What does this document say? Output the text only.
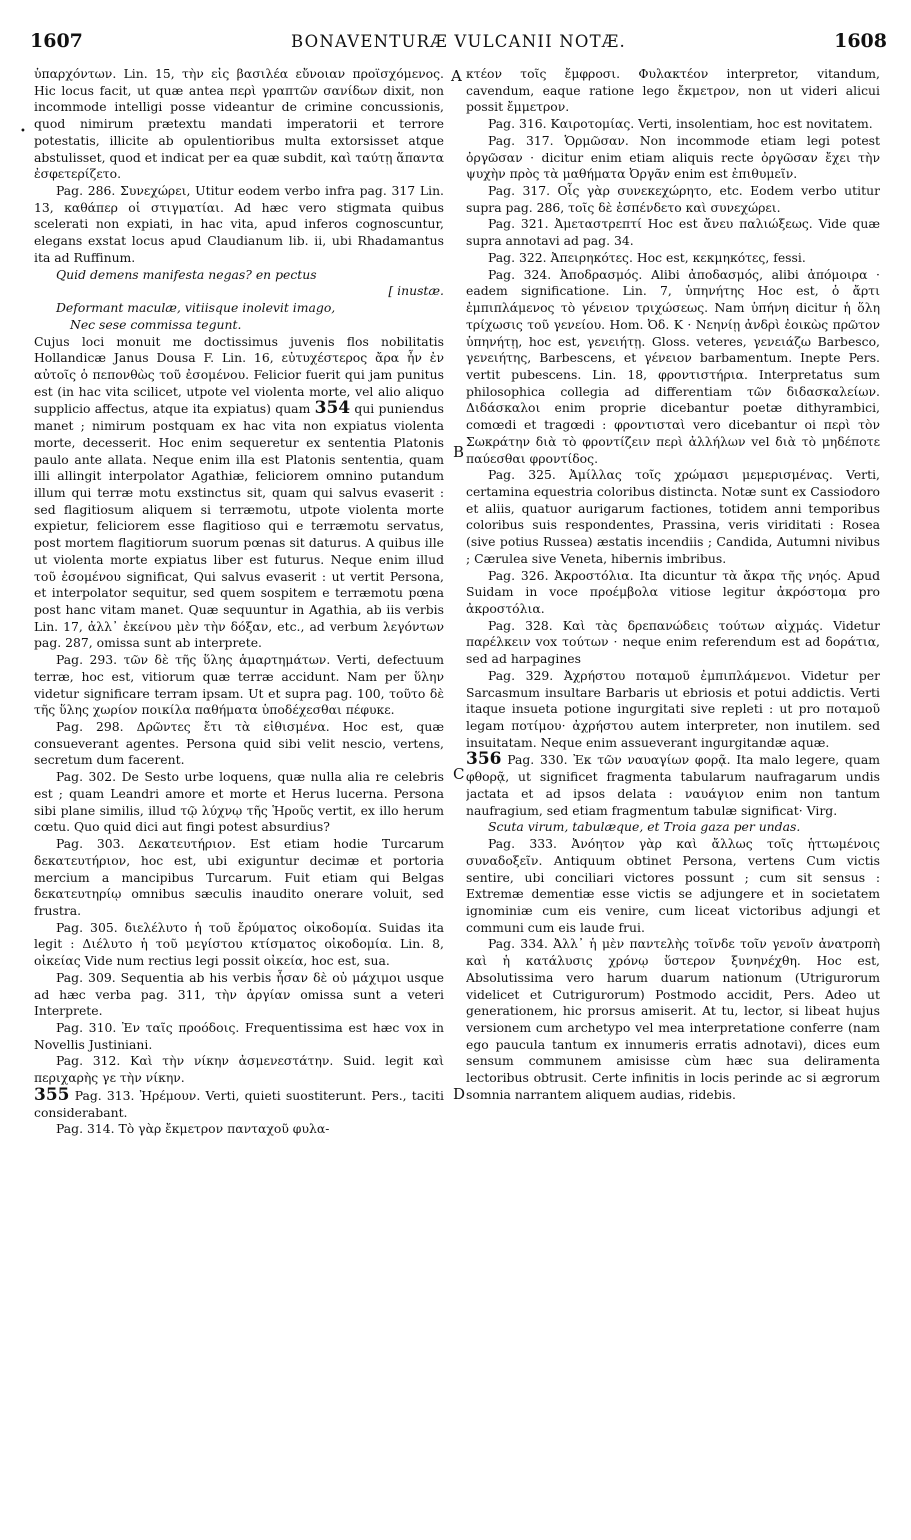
1607	BONAVENTURÆ VULCANII NOTÆ.	1608
•
A
B
C
D

ὑπαρχόντων. Lin. 15, τὴν εἰς βασιλέα εὔνοιαν προϊσχόμενος. Hic locus facit, ut quæ antea περὶ γραπτῶν σανίδων dixit, non incommode intelligi posse videantur de crimine concussionis, quod nimirum prætextu mandati imperatorii et terrore potestatis, illicite ab opulentioribus multa extorsisset atque abstulisset, quod et indicat per ea quæ subdit, καὶ ταύτῃ ἅπαντα ἐσφετερίζετο.

Pag. 286. Συνεχώρει, Utitur eodem verbo infra pag. 317 Lin. 13, καθάπερ οἱ στιγματίαι. Ad hæc vero stigmata quibus scelerati non expiati, in hac vita, apud inferos cognoscuntur, elegans exstat locus apud Claudianum lib. ii, ubi Rhadamantus ita ad Ruffinum.

Quid demens manifesta negas? en pectus

[ inustæ.

Deformant maculæ, vitiisque inolevit imago,

Nec sese commissa tegunt.

Cujus loci monuit me doctissimus juvenis flos nobilitatis Hollandicæ Janus Dousa F. Lin. 16, εὐτυχέστερος ἄρα ἦν ἐν αὐτοῖς ὁ πεπονθὼς τοῦ ἐσομένου. Felicior fuerit qui jam punitus est (in hac vita scilicet, utpote vel violenta morte, vel alio aliquo supplicio affectus, atque ita expiatus) quam 354 qui puniendus manet ; nimirum postquam ex hac vita non expiatus violenta morte, decesserit. Hoc enim sequeretur ex sententia Platonis paulo ante allata. Neque enim illa est Platonis sententia, quam illi allingit interpolator Agathiæ, feliciorem omnino putandum illum qui terræ motu exstinctus sit, quam qui salvus evaserit : sed flagitiosum aliquem si terræmotu, utpote violenta morte expietur, feliciorem esse flagitioso qui e terræmotu servatus, post mortem flagitiorum suorum pœnas sit daturus. A quibus ille ut violenta morte expiatus liber est futurus. Neque enim illud τοῦ ἐσομένου significat, Qui salvus evaserit : ut vertit Persona, et interpolator sequitur, sed quem sospitem e terræmotu pœna post hanc vitam manet. Quæ sequuntur in Agathia, ab iis verbis Lin. 17, ἀλλ᾽ ἐκείνου μὲν τὴν δόξαν, etc., ad verbum λεγόντων pag. 287, omissa sunt ab interprete.

Pag. 293. τῶν δὲ τῆς ὕλης ἁμαρτημάτων. Verti, defectuum terræ, hoc est, vitiorum quæ terræ accidunt. Nam per ὕλην videtur significare terram ipsam. Ut et supra pag. 100, τοῦτο δὲ τῆς ὕλης χωρίον ποικίλα παθήματα ὑποδέχεσθαι πέφυκε.

Pag. 298. Δρῶντες ἔτι τὰ εἰθισμένα. Hoc est, quæ consueverant agentes. Persona quid sibi velit nescio, vertens, secretum dum facerent.

Pag. 302. De Sesto urbe loquens, quæ nulla alia re celebris est ; quam Leandri amore et morte et Herus lucerna. Persona sibi plane similis, illud τῷ λύχνῳ τῆς Ἡροῦς vertit, ex illo herum cœtu. Quo quid dici aut fingi potest absurdius?

Pag. 303. Δεκατευτήριον. Est etiam hodie Turcarum δεκατευτήριον, hoc est, ubi exiguntur decimæ et portoria mercium a mancipibus Turcarum. Fuit etiam qui Belgas δεκατευτηρίῳ omnibus sæculis inaudito onerare voluit, sed frustra.

Pag. 305. διελέλυτο ἡ τοῦ ἔρύματος οἰκοδομία. Suidas ita legit : Διέλυτο ἡ τοῦ μεγίστου κτίσματος οἰκοδομία. Lin. 8, οἰκείας Vide num rectius legi possit οἰκεία, hoc est, sua.

Pag. 309. Sequentia ab his verbis ἦσαν δὲ οὐ μάχιμοι usque ad hæc verba pag. 311, τὴν ἀργίαν omissa sunt a veteri Interprete.

Pag. 310. Ἐν ταῖς προόδοις. Frequentissima est hæc vox in Novellis Justiniani.

Pag. 312. Καὶ τὴν νίκην ἀσμενεστάτην. Suid. legit καὶ περιχαρὴς γε τὴν νίκην.

355 Pag. 313. Ἠρέμουν. Verti, quieti suostiterunt. Pers., taciti considerabant.

Pag. 314. Τὸ γὰρ ἔκμετρον πανταχοῦ φυλα-

κτέον τοῖς ἔμφροσι. Φυλακτέον interpretor, vitandum, cavendum, eaque ratione lego ἔκμετρον, non ut videri alicui possit ἔμμετρον.

Pag. 316. Καιροτομίας. Verti, insolentiam, hoc est novitatem.

Pag. 317. Ὁρμῶσαν. Non incommode etiam legi potest ὀργῶσαν · dicitur enim etiam aliquis recte ὀργῶσαν ἔχει τὴν ψυχὴν πρὸς τὰ μαθήματα Ὀργᾶν enim est ἐπιθυμεῖν.

Pag. 317. Οἷς γὰρ συνεκεχώρητο, etc. Eodem verbo utitur supra pag. 286, τοῖς δὲ ἐσπένδετο καὶ συνεχώρει.

Pag. 321. Ἀμεταστρεπτί Hoc est ἄνευ παλιώξεως. Vide quæ supra annotavi ad pag. 34.

Pag. 322. Ἀπειρηκότες. Hoc est, κεκμηκότες, fessi.

Pag. 324. Ἀποδρασμός. Alibi ἀποδασμός, alibi ἀπόμοιρα · eadem significatione. Lin. 7, ὑπηνήτης Hoc est, ὁ ἄρτι ἐμπιπλάμενος τὸ γένειον τριχώσεως. Nam ὑπήνη dicitur ἡ ὅλη τρίχωσις τοῦ γενείου. Hom. Ὀδ. Κ · Νεηνίῃ ἀνδρὶ ἐοικὼς πρῶτον ὑπηνήτῃ, hoc est, γενειήτῃ. Gloss. veteres, γενειάζω Barbesco, γενειήτης, Barbescens, et γένειον barbamentum. Inepte Pers. vertit pubescens. Lin. 18, φροντιστήρια. Interpretatus sum philosophica collegia ad differentiam τῶν διδασκαλείων. Διδάσκαλοι enim proprie dicebantur poetæ dithyrambici, comœdi et tragœdi : φροντισταὶ vero dicebantur oi περὶ τὸν Σωκράτην διὰ τὸ φροντίζειν περὶ ἀλλήλων vel διὰ τὸ μηδέποτε παύεσθαι φροντίδος.

Pag. 325. Ἀμίλλας τοῖς χρώμασι μεμερισμένας. Verti, certamina equestria coloribus distincta. Notæ sunt ex Cassiodoro et aliis, quatuor aurigarum factiones, totidem anni temporibus coloribus suis respondentes, Prassina, veris viriditati : Rosea (sive potius Russea) æstatis incendiis ; Candida, Autumni nivibus ; Cærulea sive Veneta, hibernis imbribus.

Pag. 326. Ἀκροστόλια. Ita dicuntur τὰ ἄκρα τῆς νηός. Apud Suidam in voce προέμβολα vitiose legitur ἀκρόστομα pro ἀκροστόλια.

Pag. 328. Καὶ τὰς δρεπανώδεις τούτων αἰχμάς. Videtur παρέλκειν vox τούτων · neque enim referendum est ad δοράτια, sed ad harpagines

Pag. 329. Ἀχρήστου ποταμοῦ ἐμπιπλάμενοι. Videtur per Sarcasmum insultare Barbaris ut ebriosis et potui addictis. Verti itaque insueta potione ingurgitati sive repleti : ut pro ποταμοῦ legam ποτίμου· ἀχρήστου autem interpreter, non inutilem. sed insuitatam. Neque enim assueverant ingurgitandæ aquæ.

356 Pag. 330. Ἐκ τῶν ναυαγίων φορᾷ. Ita malo legere, quam φθορᾷ, ut significet fragmenta tabularum naufragarum undis jactata et ad ipsos delata : ναυάγιον enim non tantum naufragium, sed etiam fragmentum tabulæ significat· Virg.

Scuta virum, tabulæque, et Troia gaza per undas.

Pag. 333. Ἀνόητον γὰρ καὶ ἄλλως τοῖς ἡττωμένοις συναδοξεῖν. Antiquum obtinet Persona, vertens Cum victis sentire, ubi conciliari victores possunt ; cum sit sensus : Extremæ dementiæ esse victis se adjungere et in societatem ignominiæ cum eis venire, cum liceat victoribus adjungi et communi cum eis laude frui.

Pag. 334. Ἀλλ᾽ ἡ μὲν παντελὴς τοῖνδε τοῖν γενοῖν ἀνατροπὴ καὶ ἡ κατάλυσις χρόνῳ ὕστερον ξυνηνέχθη. Hoc est, Absolutissima vero harum duarum nationum (Utrigurorum videlicet et Cutrigurorum) Postmodo accidit, Pers. Adeo ut generationem, hic prorsus amiserit. At tu, lector, si libeat hujus versionem cum archetypo vel mea interpretatione conferre (nam ego paucula tantum ex innumeris erratis adnotavi), dices eum sensum communem amisisse cùm hæc sua deliramenta lectoribus obtrusit. Certe infinitis in locis perinde ac si ægrorum somnia narrantem aliquem audias, ridebis.
